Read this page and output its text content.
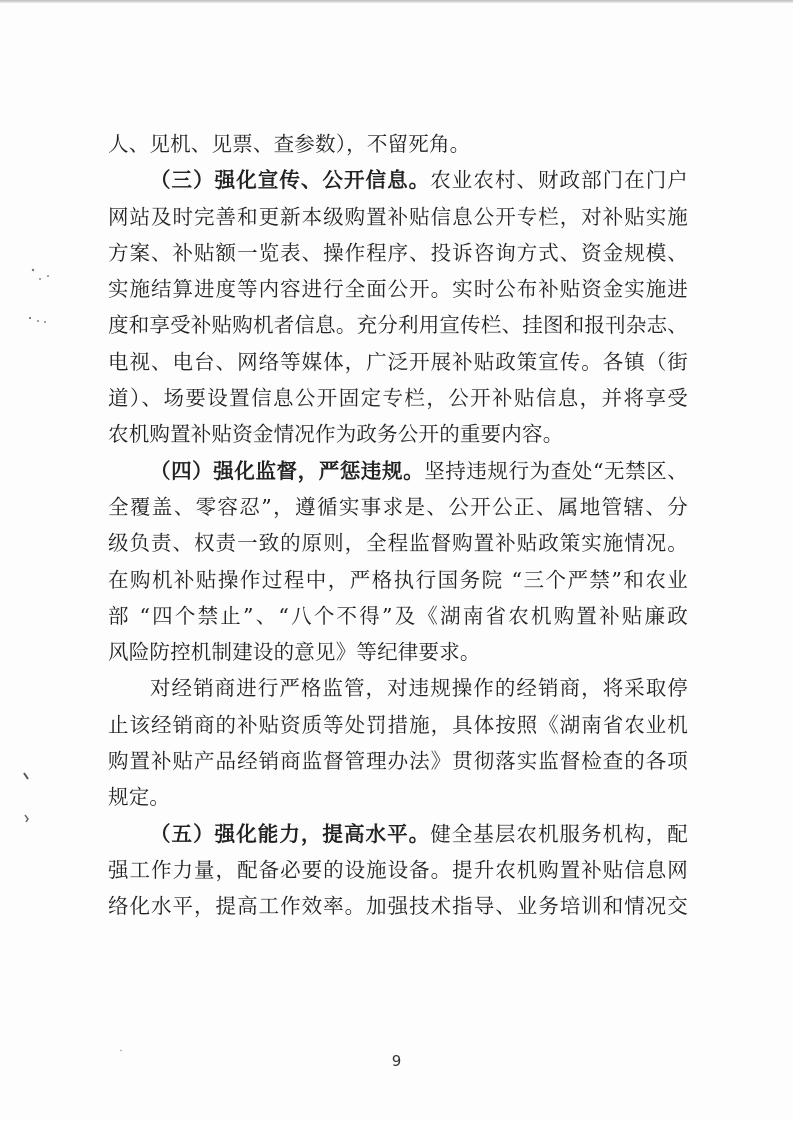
人、见机、见票、查参数），不留死角。
（三）强化宣传、公开信息。农业农村、财政部门在门户
网站及时完善和更新本级购置补贴信息公开专栏，对补贴实施
方案、补贴额一览表、操作程序、投诉咨询方式、资金规模、
实施结算进度等内容进行全面公开。实时公布补贴资金实施进
度和享受补贴购机者信息。充分利用宣传栏、挂图和报刊杂志、
电视、电台、网络等媒体，广泛开展补贴政策宣传。各镇（街
道）、场要设置信息公开固定专栏，公开补贴信息，并将享受
农机购置补贴资金情况作为政务公开的重要内容。
（四）强化监督，严惩违规。坚持违规行为查处“无禁区、
全覆盖、零容忍”，遵循实事求是、公开公正、属地管辖、分
级负责、权责一致的原则，全程监督购置补贴政策实施情况。
在购机补贴操作过程中，严格执行国务院 “三个严禁”和农业
部 “四个禁止”、“八个不得”及《湖南省农机购置补贴廉政
风险防控机制建设的意见》等纪律要求。
对经销商进行严格监管，对违规操作的经销商，将采取停
止该经销商的补贴资质等处罚措施，具体按照《湖南省农业机
购置补贴产品经销商监督管理办法》贯彻落实监督检查的各项
规定。
（五）强化能力，提高水平。健全基层农机服务机构，配
强工作力量，配备必要的设施设备。提升农机购置补贴信息网
络化水平，提高工作效率。加强技术指导、业务培训和情况交
9
